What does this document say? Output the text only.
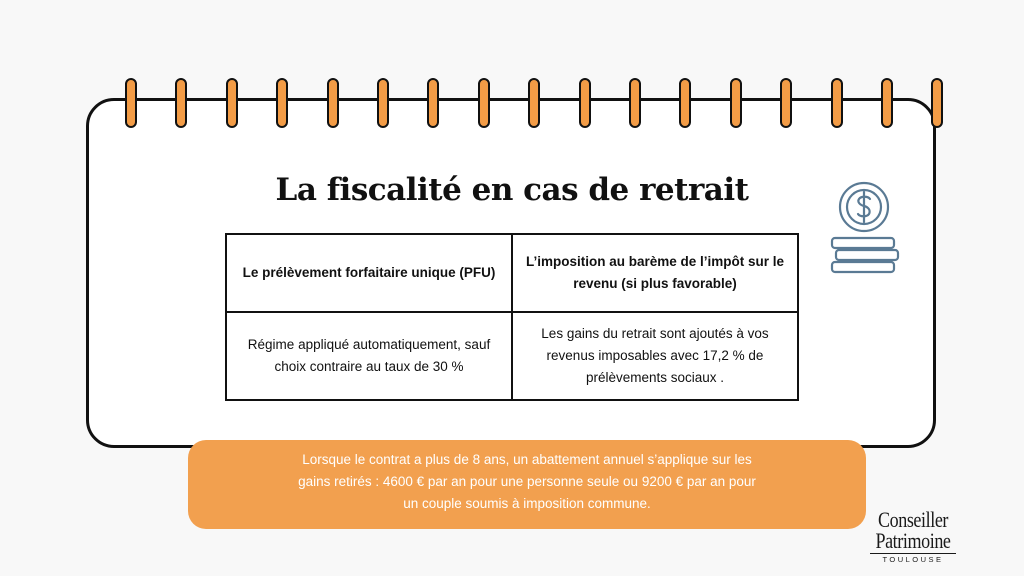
La fiscalité en cas de retrait
Le prélèvement forfaitaire unique (PFU)	L’imposition au barème de l’impôt sur le revenu (si plus favorable)
Régime appliqué automatiquement, sauf choix contraire au taux de 30 %	Les gains du retrait sont ajoutés à vos revenus imposables avec 17,2 % de prélèvements sociaux .
Lorsque le contrat a plus de 8 ans, un abattement annuel s’applique sur les gains retirés : 4600 € par an pour une personne seule ou 9200 € par an pour un couple soumis à imposition commune.
Conseiller
Patrimoine
TOULOUSE
